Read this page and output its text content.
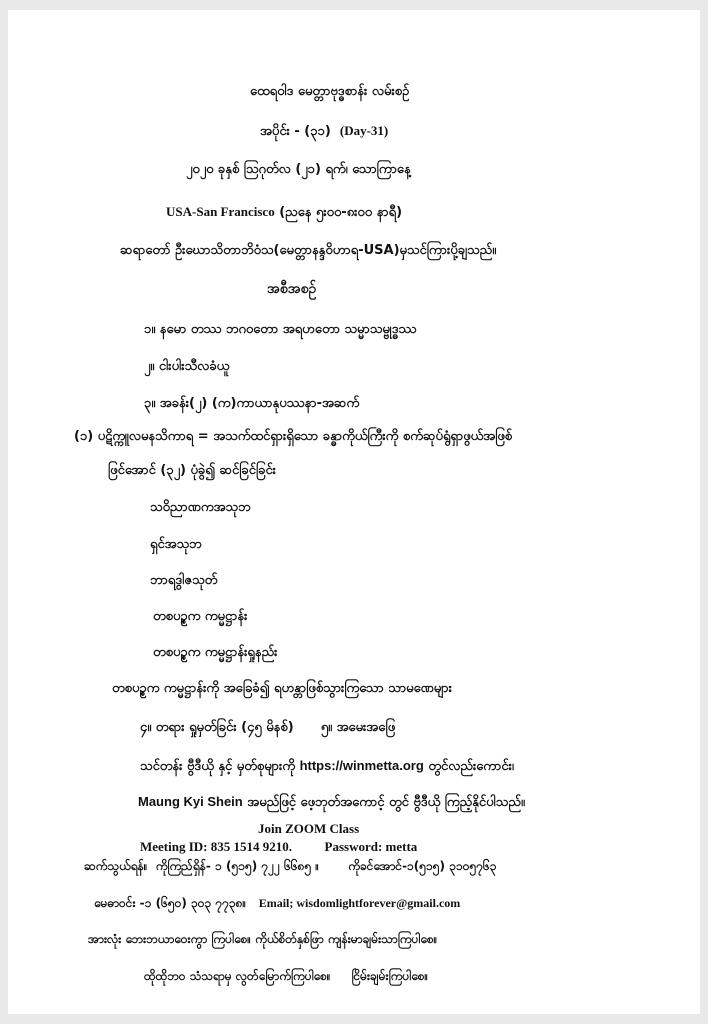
ထေရဝါဒ မေတ္တာဗုဒ္ဓစာန်း လမ်းစဉ်
အပိုင်း - (၃၁) (Day-31)
၂၀၂၀ ခုနှစ် ဩဂုတ်လ (၂၁) ရက်၊ သောကြာနေ့
USA-San Francisco (ညနေ ၅း၀၀-၈း၀၀ နာရီ)
ဆရာတော် ဦးဃောသိတာဘိဝံသ(မေတ္တာနန္ဒဝိဟာရ-USA)မှသင်ကြားပို့ချသည်။
အစီအစဉ်
၁။ နမော တဿ ဘဂဝတော အရဟတော သမ္မာသမ္ဗုဒ္ဓဿ
၂။ ငါးပါးသီလခံယူ
၃။ အခန်း(၂) (က)ကာယာနုပဿနာ-အဆက်
(၁) ပဋိက္ကူလမနသိကာရ = အသက်ထင်ရှားရှိသော ခန္ဓာကိုယ်ကြီးကို စက်ဆုပ်ရွံရှာဖွယ်အဖြစ်
ဖြင်အောင် (၃၂) ပုံခွဲ၍ ဆင်ခြင်ခြင်း
သဝိညာဏကအသုဘ
ရှင်အသုဘ
ဘာရဒွါဇသုတ်
တစပဉ္စက ကမ္မဋ္ဌာန်း
တစပဉ္စက ကမ္မဋ္ဌာန်းရှုနည်း
တစပဉ္စက ကမ္မဋ္ဌာန်းကို အခြေခံ၍ ရဟန္တာဖြစ်သွားကြသော သာမဏေများ
၄။ တရား ရှုမှတ်ခြင်း (၄၅ မိနစ်) ၅။ အမေးအဖြေ
သင်တန်း ဗွီဒီယို နှင့် မှတ်စုများကို https://winmetta.org တွင်လည်းကောင်း၊
Maung Kyi Shein အမည်ဖြင့် ဖေ့ဘုတ်အကောင့် တွင် ဗွီဒီယို ကြည့်နိုင်ပါသည်။
Join ZOOM Class
Meeting ID: 835 1514 9210.	Password: metta
ဆက်သွယ်ရန်။ ကိုကြည်ရှိန်- ၁ (၅၁၅) ၇၂၂ ၆၆၈၅ ။ ကိုခင်အောင်-၁(၅၁၅) ၃၁၀၅၇၆၃
မေဓာဝင်း -၁ (၆၅၀) ၃၀၃ ၇၇၃၈။ Email; wisdomlightforever@gmail.com
အားလုံး ဘေးဘယာဝေးကွာ ကြပါစေ။ ကိုယ်စိတ်နှစ်ဖြာ ကျန်းမာချမ်းသာကြပါစေ။
ထိုထိုဘ၀ သံသရာမှ လွတ်မြောက်ကြပါစေ။ ငြိမ်းချမ်းကြပါစေ။
